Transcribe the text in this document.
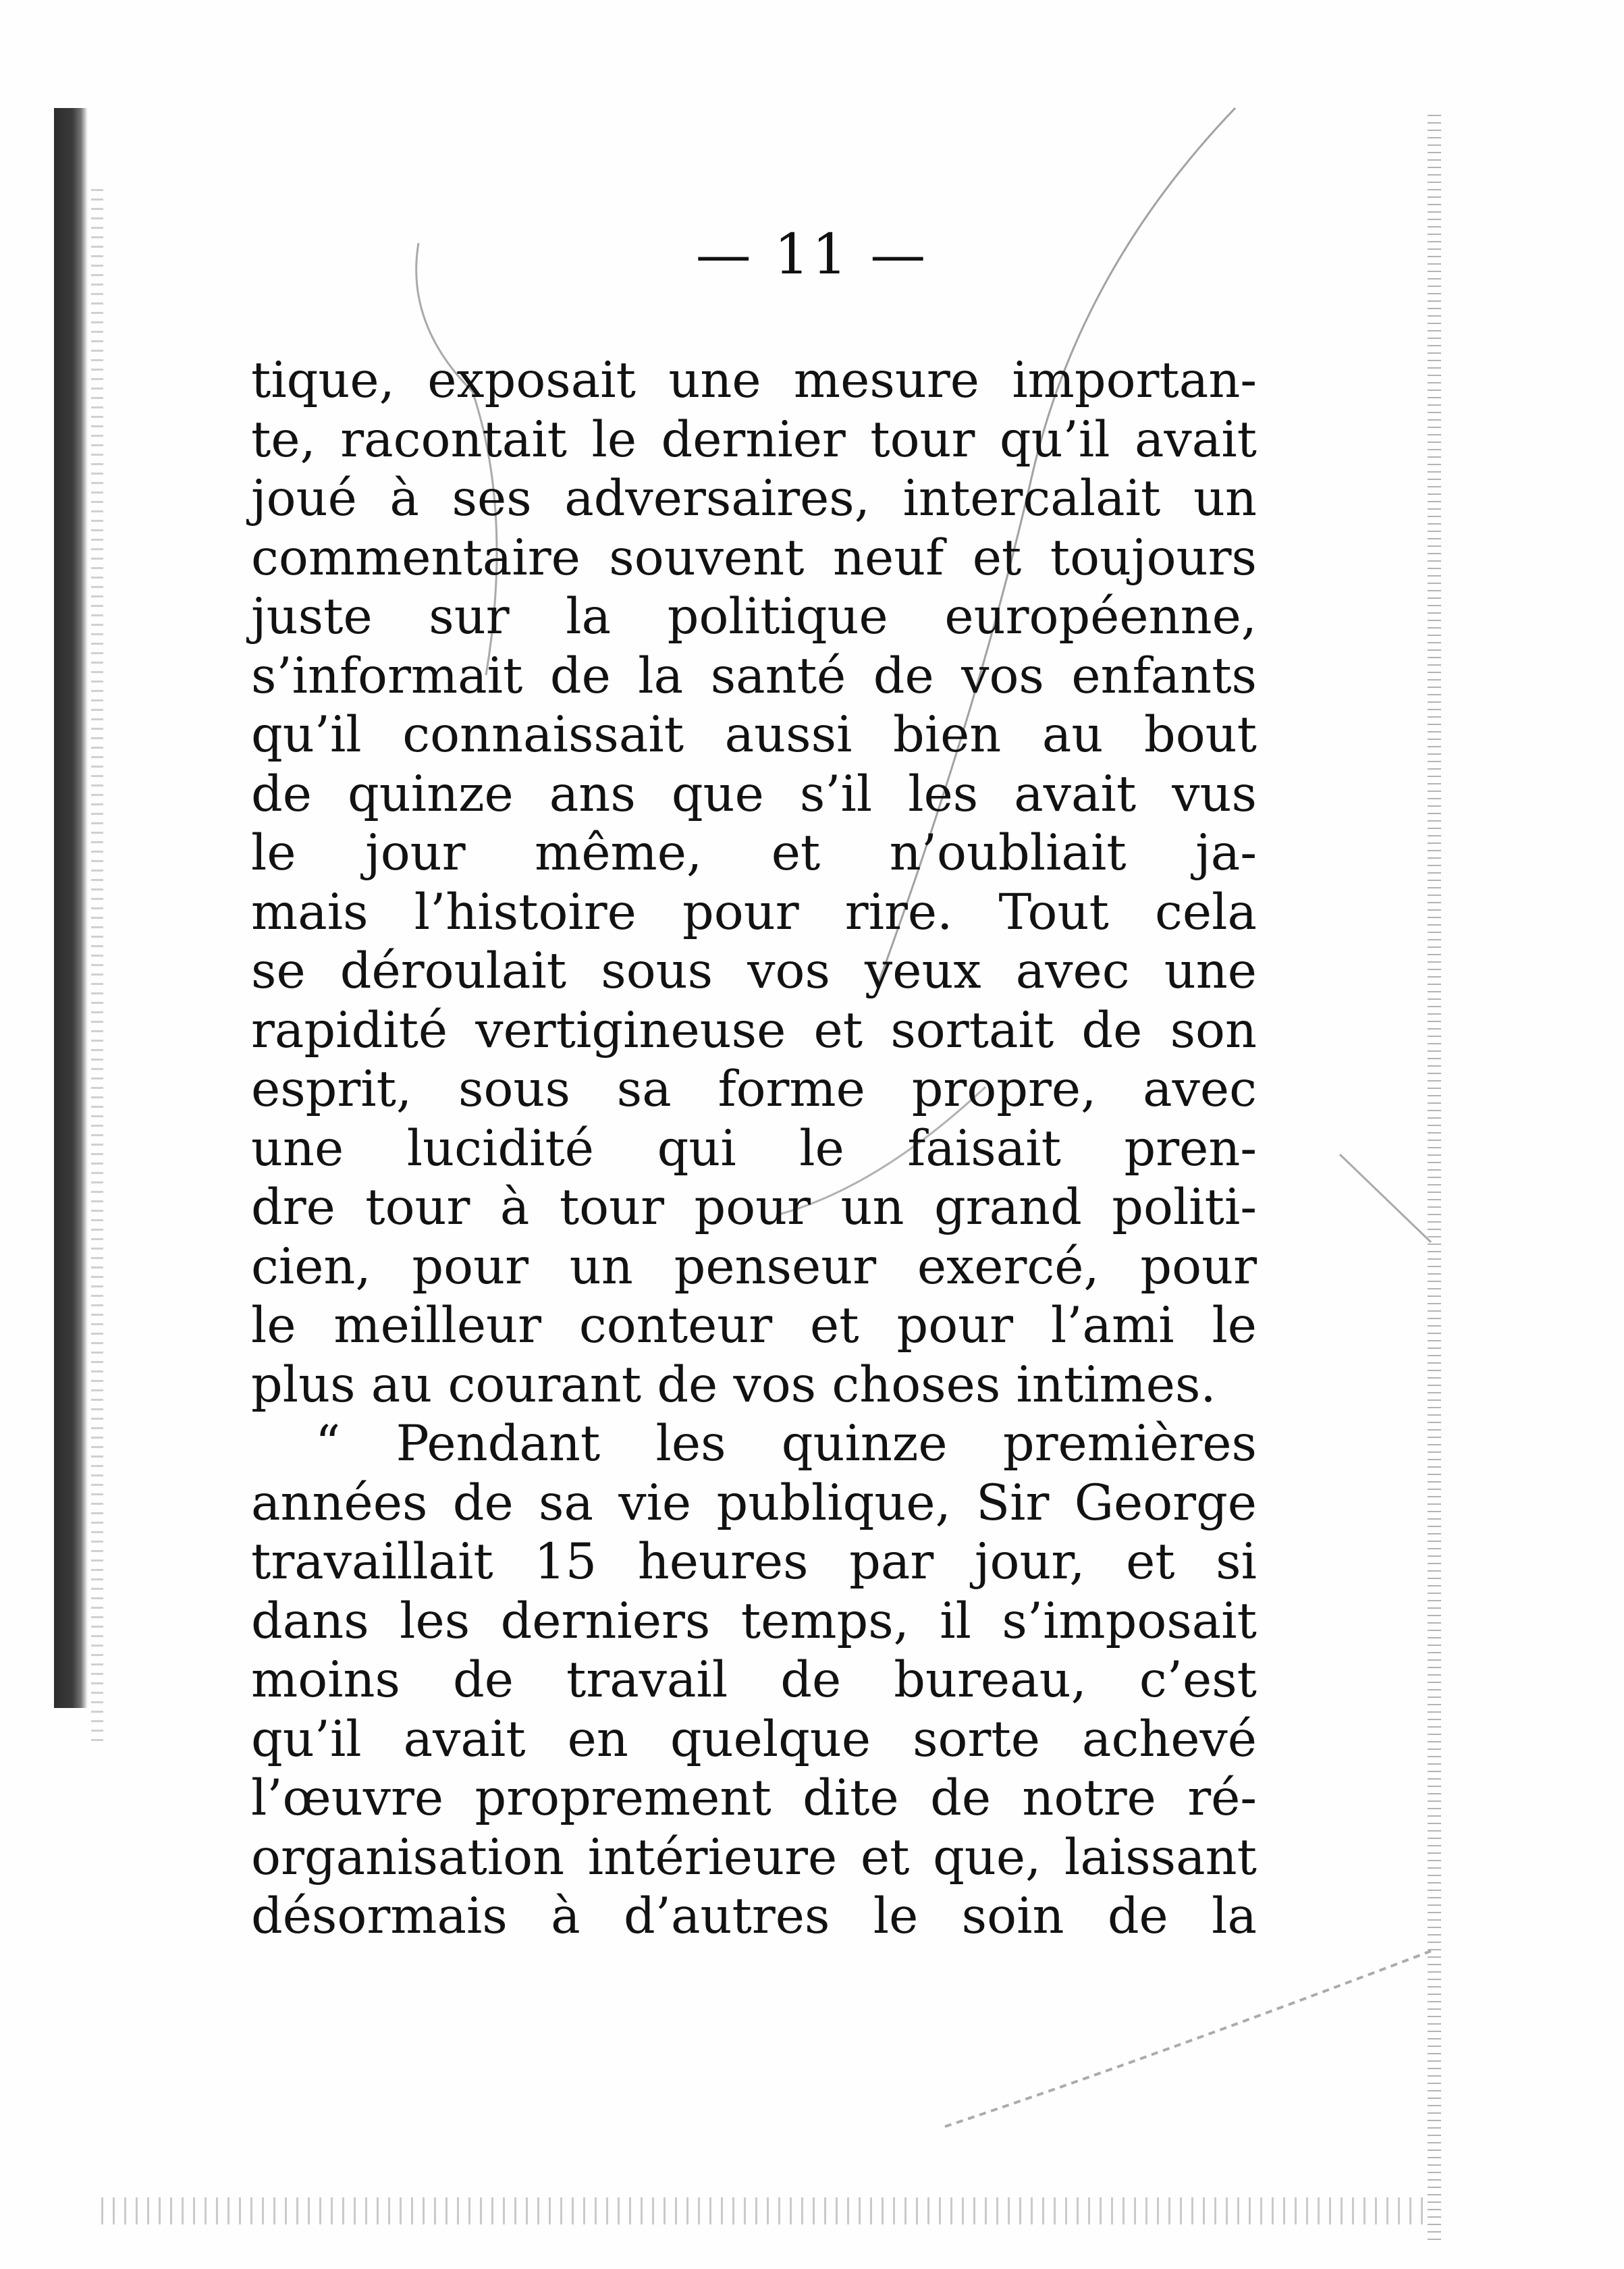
— 11 —
tique, exposait une mesure importan-
te, racontait le dernier tour qu’il avait
joué à ses adversaires, intercalait un
commentaire souvent neuf et toujours
juste sur la politique européenne,
s’informait de la santé de vos enfants
qu’il connaissait aussi bien au bout
de quinze ans que s’il les avait vus
le jour même, et n’oubliait ja-
mais l’histoire pour rire. Tout cela
se déroulait sous vos yeux avec une
rapidité vertigineuse et sortait de son
esprit, sous sa forme propre, avec
une lucidité qui le faisait pren-
dre tour à tour pour un grand politi-
cien, pour un penseur exercé, pour
le meilleur conteur et pour l’ami le
plus au courant de vos choses intimes.
“ Pendant les quinze premières
années de sa vie publique, Sir George
travaillait 15 heures par jour, et si
dans les derniers temps, il s’imposait
moins de travail de bureau, c’est
qu’il avait en quelque sorte achevé
l’œuvre proprement dite de notre ré-
organisation intérieure et que, laissant
désormais à d’autres le soin de la
